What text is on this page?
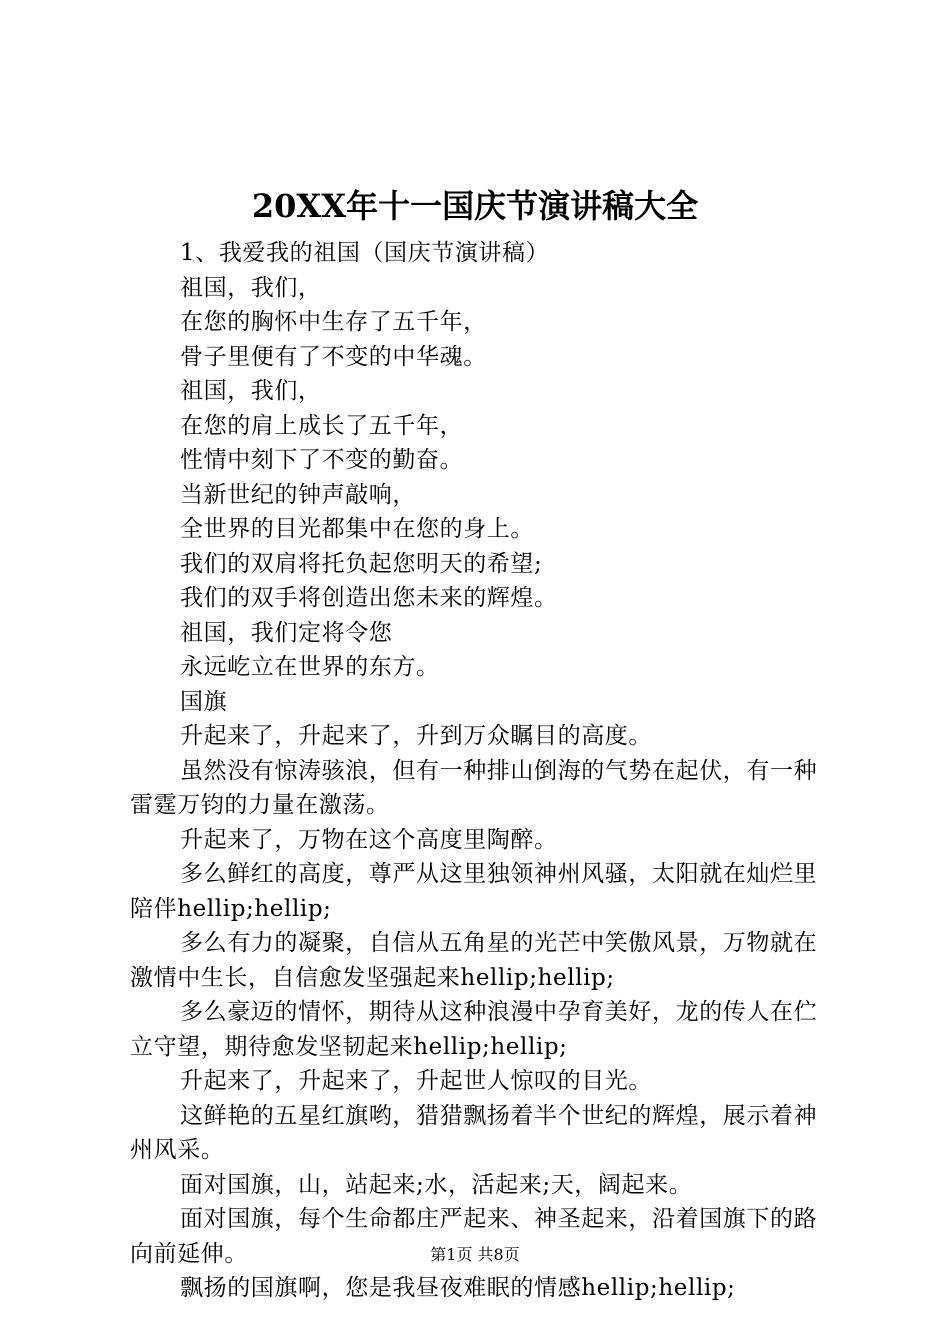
20XX年十一国庆节演讲稿大全

1、我爱我的祖国（国庆节演讲稿）

祖国，我们，

在您的胸怀中生存了五千年，

骨子里便有了不变的中华魂。

祖国，我们，

在您的肩上成长了五千年，

性情中刻下了不变的勤奋。

当新世纪的钟声敲响，

全世界的目光都集中在您的身上。

我们的双肩将托负起您明天的希望;

我们的双手将创造出您未来的辉煌。

祖国，我们定将令您

永远屹立在世界的东方。

国旗

升起来了，升起来了，升到万众瞩目的高度。

虽然没有惊涛骇浪，但有一种排山倒海的气势在起伏，有一种雷霆万钧的力量在激荡。

升起来了，万物在这个高度里陶醉。

多么鲜红的高度，尊严从这里独领神州风骚，太阳就在灿烂里陪伴hellip;hellip;

多么有力的凝聚，自信从五角星的光芒中笑傲风景，万物就在激情中生长，自信愈发坚强起来hellip;hellip;

多么豪迈的情怀，期待从这种浪漫中孕育美好，龙的传人在伫立守望，期待愈发坚韧起来hellip;hellip;

升起来了，升起来了，升起世人惊叹的目光。

这鲜艳的五星红旗哟，猎猎飘扬着半个世纪的辉煌，展示着神州风采。

面对国旗，山，站起来;水，活起来;天，阔起来。

面对国旗，每个生命都庄严起来、神圣起来，沿着国旗下的路向前延伸。

飘扬的国旗啊，您是我昼夜难眠的情感hellip;hellip;

第1页 共8页
